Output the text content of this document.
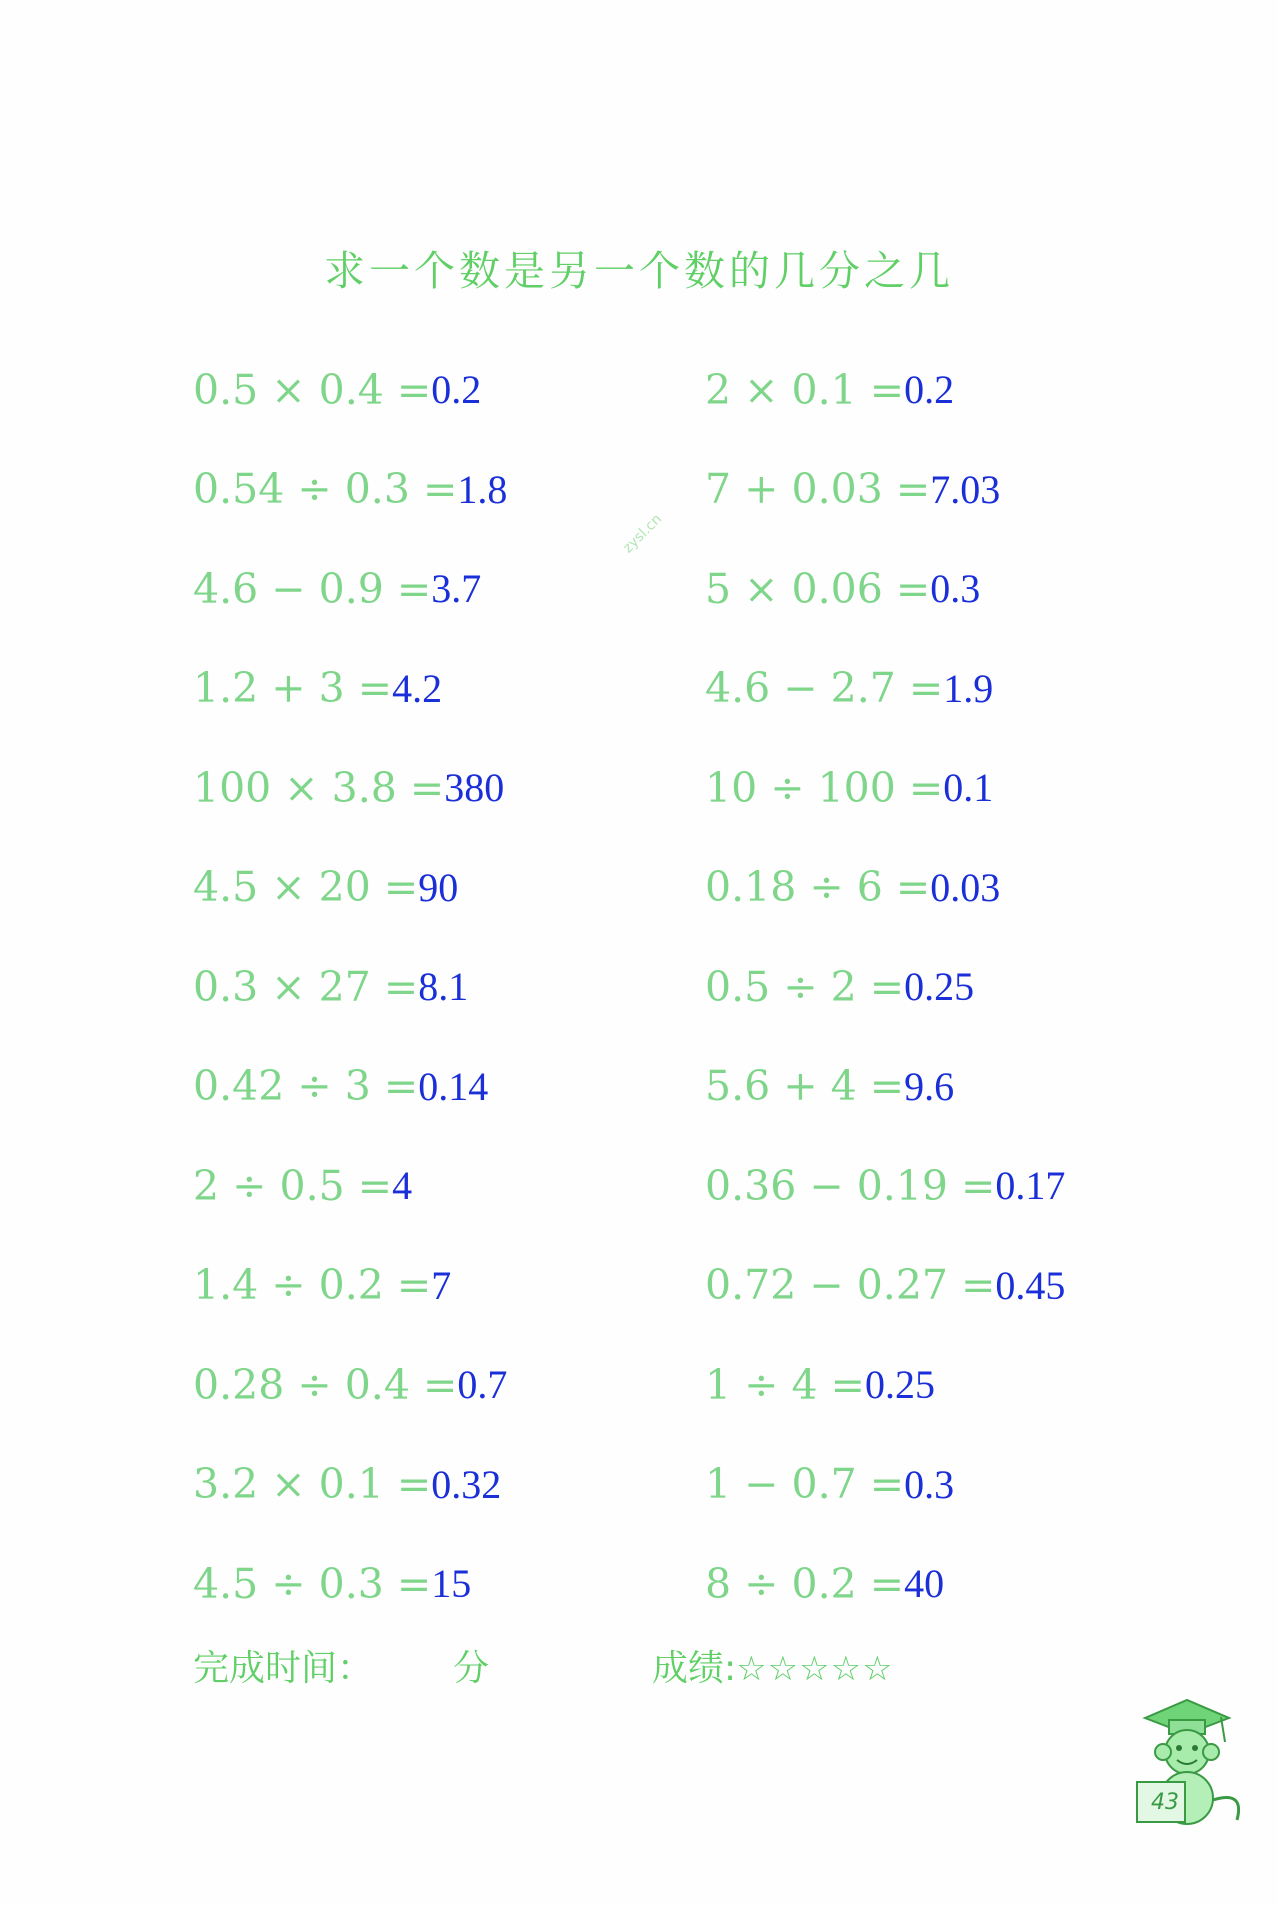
求一个数是另一个数的几分之几
zysl.cn
0.5 × 0.4 = 0.2
0.54 ÷ 0.3 = 1.8
4.6 − 0.9 = 3.7
1.2 + 3 = 4.2
100 × 3.8 = 380
4.5 × 20 = 90
0.3 × 27 = 8.1
0.42 ÷ 3 = 0.14
2 ÷ 0.5 = 4
1.4 ÷ 0.2 = 7
0.28 ÷ 0.4 = 0.7
3.2 × 0.1 = 0.32
4.5 ÷ 0.3 = 15
2 × 0.1 = 0.2
7 + 0.03 = 7.03
5 × 0.06 = 0.3
4.6 − 2.7 = 1.9
10 ÷ 100 = 0.1
0.18 ÷ 6 = 0.03
0.5 ÷ 2 = 0.25
5.6 + 4 = 9.6
0.36 − 0.19 = 0.17
0.72 − 0.27 = 0.45
1 ÷ 4 = 0.25
1 − 0.7 = 0.3
8 ÷ 0.2 = 40
完成时间： 分	成绩:☆☆☆☆☆
43
